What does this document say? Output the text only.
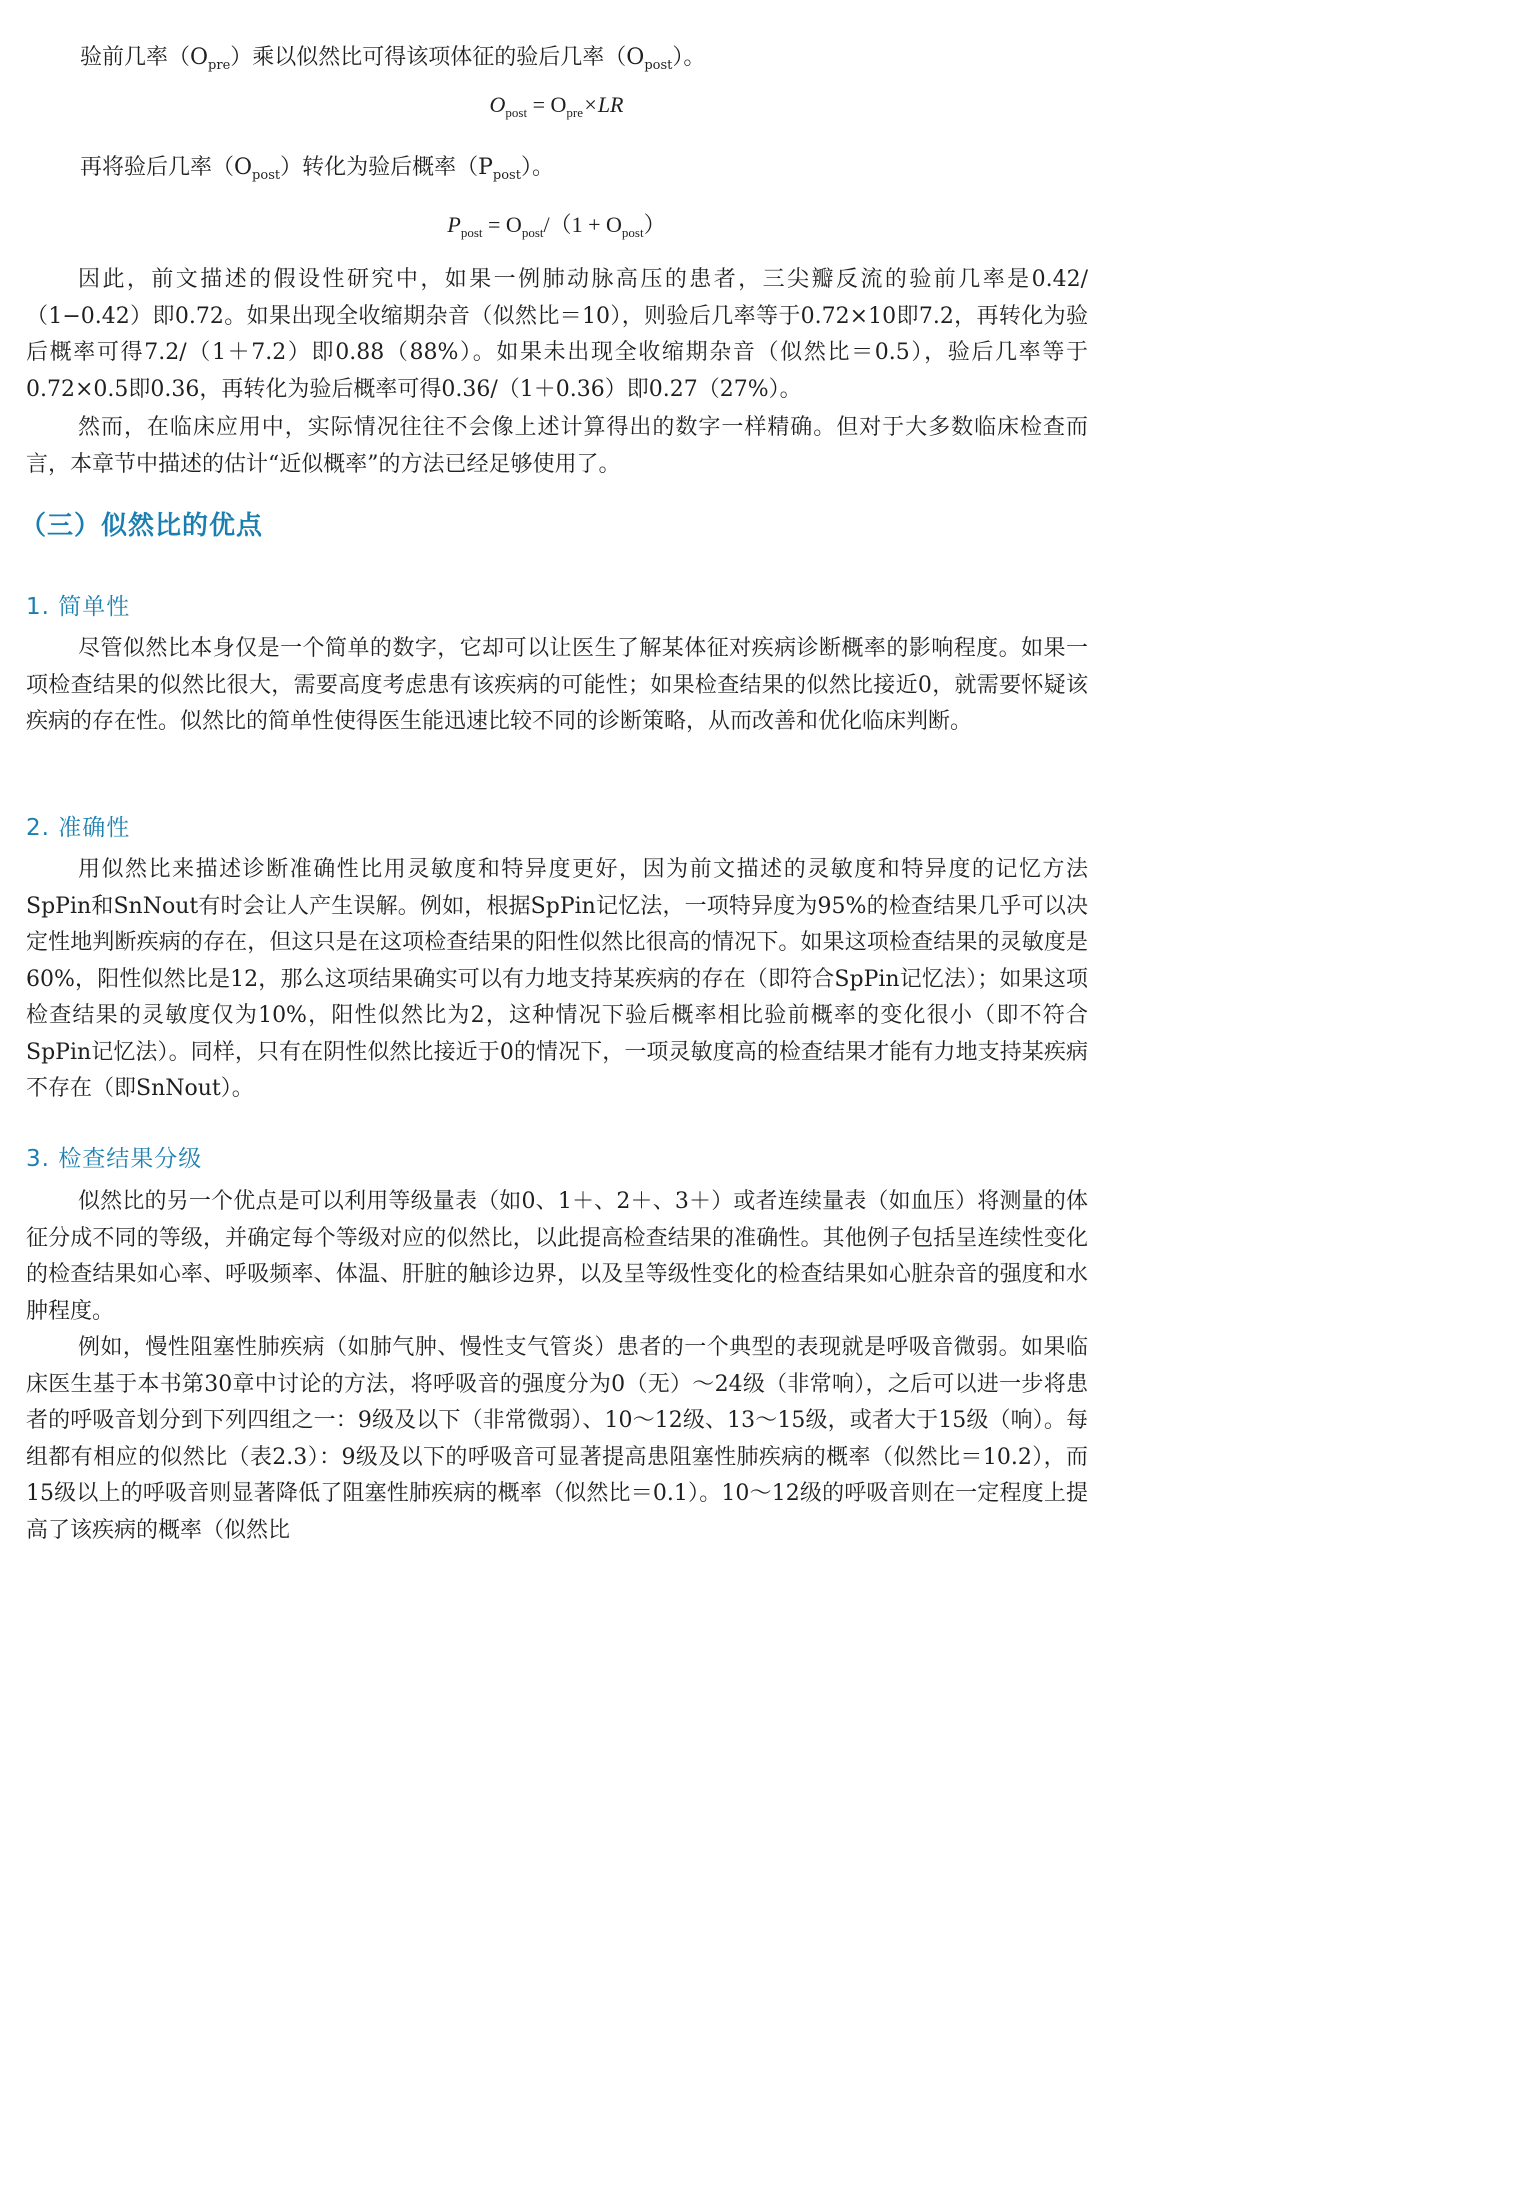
验前几率$(O_{pre})$乘以似然比可得该项体征的验后几率$(O_{post})$。

$O_{post} = O_{pre}\times LR$

再将验后几率$(O_{post})$转化为验后概率$(P_{post})$。

$P_{post} = O_{post}/(1 + O_{post})$

因此，前文描述的假设性研究中，如果一例肺动脉高压的患者，三尖瓣反流的验前几率是0.42/（1−0.42）即0.72。如果出现全收缩期杂音（似然比＝10），则验后几率等于0.72×10即7.2，再转化为验后概率可得7.2/（1＋7.2）即0.88（88%）。如果未出现全收缩期杂音（似然比＝0.5），验后几率等于0.72×0.5即0.36，再转化为验后概率可得0.36/（1＋0.36）即0.27（27%）。

然而，在临床应用中，实际情况往往不会像上述计算得出的数字一样精确。但对于大多数临床检查而言，本章节中描述的估计“近似概率”的方法已经足够使用了。

（三）似然比的优点
1. 简单性

尽管似然比本身仅是一个简单的数字，它却可以让医生了解某体征对疾病诊断概率的影响程度。如果一项检查结果的似然比很大，需要高度考虑患有该疾病的可能性；如果检查结果的似然比接近0，就需要怀疑该疾病的存在性。似然比的简单性使得医生能迅速比较不同的诊断策略，从而改善和优化临床判断。

2. 准确性

用似然比来描述诊断准确性比用灵敏度和特异度更好，因为前文描述的灵敏度和特异度的记忆方法SpPin和SnNout有时会让人产生误解。例如，根据SpPin记忆法，一项特异度为95%的检查结果几乎可以决定性地判断疾病的存在，但这只是在这项检查结果的阳性似然比很高的情况下。如果这项检查结果的灵敏度是60%，阳性似然比是12，那么这项结果确实可以有力地支持某疾病的存在（即符合SpPin记忆法）；如果这项检查结果的灵敏度仅为10%，阳性似然比为2，这种情况下验后概率相比验前概率的变化很小（即不符合SpPin记忆法）。同样，只有在阴性似然比接近于0的情况下，一项灵敏度高的检查结果才能有力地支持某疾病不存在（即SnNout）。

3. 检查结果分级

似然比的另一个优点是可以利用等级量表（如0、1＋、2＋、3＋）或者连续量表（如血压）将测量的体征分成不同的等级，并确定每个等级对应的似然比，以此提高检查结果的准确性。其他例子包括呈连续性变化的检查结果如心率、呼吸频率、体温、肝脏的触诊边界，以及呈等级性变化的检查结果如心脏杂音的强度和水肿程度。

例如，慢性阻塞性肺疾病（如肺气肿、慢性支气管炎）患者的一个典型的表现就是呼吸音微弱。如果临床医生基于本书第30章中讨论的方法，将呼吸音的强度分为0（无）～24级（非常响），之后可以进一步将患者的呼吸音划分到下列四组之一：9级及以下（非常微弱）、10～12级、13～15级，或者大于15级（响）。每组都有相应的似然比（表2.3）：9级及以下的呼吸音可显著提高患阻塞性肺疾病的概率（似然比＝10.2），而15级以上的呼吸音则显著降低了阻塞性肺疾病的概率（似然比＝0.1）。10～12级的呼吸音则在一定程度上提高了该疾病的概率（似然比
